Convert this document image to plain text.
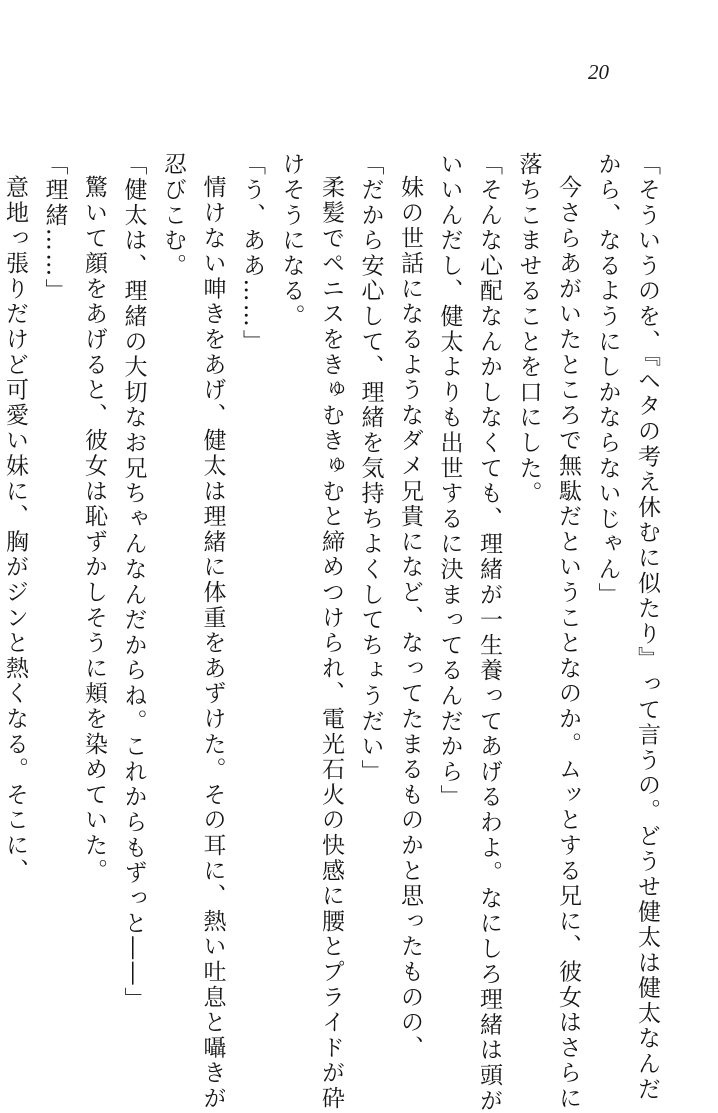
20
「そういうのを、『ヘタの考え休むに似たり』って言うの。どうせ健太は健太なんだ
から、なるようにしかならないじゃん」
今さらあがいたところで無駄だということなのか。ムッとする兄に、彼女はさらに
落ちこませることを口にした。
「そんな心配なんかしなくても、理緒が一生養ってあげるわよ。なにしろ理緒は頭が
いいんだし、健太よりも出世するに決まってるんだから」
妹の世話になるようなダメ兄貴になど、なってたまるものかと思ったものの、
「だから安心して、理緒を気持ちよくしてちょうだい」
柔髪でペニスをきゅむきゅむと締めつけられ、電光石火の快感に腰とプライドが砕
けそうになる。
「う、ああ……」
情けない呻きをあげ、健太は理緒に体重をあずけた。その耳に、熱い吐息と囁きが
忍びこむ。
「健太は、理緒の大切なお兄ちゃんなんだからね。これからもずっと――」
驚いて顔をあげると、彼女は恥ずかしそうに頬を染めていた。
「理緒……」
意地っ張りだけど可愛い妹に、胸がジンと熱くなる。そこに、
